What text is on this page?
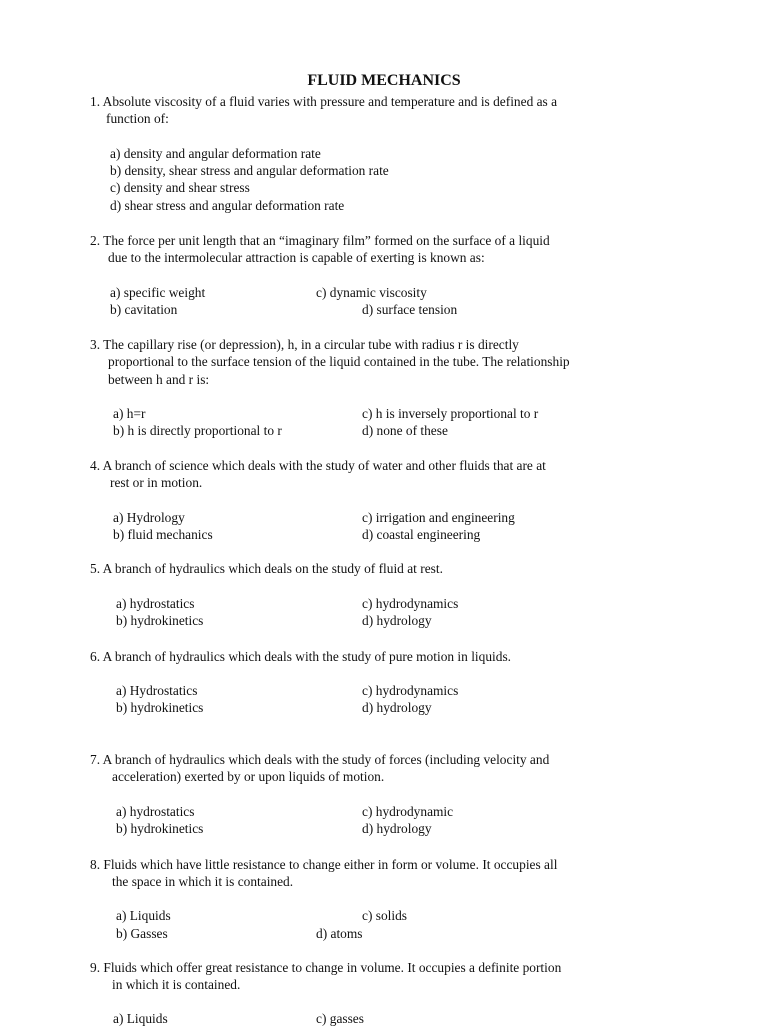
FLUID MECHANICS
1. Absolute viscosity of a fluid varies with pressure and temperature and is defined as a
function of:
a) density and angular deformation rate
b) density, shear stress and angular deformation rate
c) density and shear stress
d) shear stress and angular deformation rate
2. The force per unit length that an “imaginary film” formed on the surface of a liquid
due to the intermolecular attraction is capable of exerting is known as:
a) specific weight	c) dynamic viscosity
b) cavitation	d) surface tension
3. The capillary rise (or depression), h, in a circular tube with radius r is directly
proportional to the surface tension of the liquid contained in the tube. The relationship
between h and r is:
a) h=r	c) h is inversely proportional to r
b) h is directly proportional to r	d) none of these
4. A branch of science which deals with the study of water and other fluids that are at
rest or in motion.
a) Hydrology	c) irrigation and engineering
b) fluid mechanics	d) coastal engineering
5. A branch of hydraulics which deals on the study of fluid at rest.
a) hydrostatics	c) hydrodynamics
b) hydrokinetics	d) hydrology
6. A branch of hydraulics which deals with the study of pure motion in liquids.
a) Hydrostatics	c) hydrodynamics
b) hydrokinetics	d) hydrology
7. A branch of hydraulics which deals with the study of forces (including velocity and
acceleration) exerted by or upon liquids of motion.
a) hydrostatics	c) hydrodynamic
b) hydrokinetics	d) hydrology
8. Fluids which have little resistance to change either in form or volume. It occupies all
the space in which it is contained.
a) Liquids	c) solids
b) Gasses	d) atoms
9. Fluids which offer great resistance to change in volume. It occupies a definite portion
in which it is contained.
a) Liquids	c) gasses
